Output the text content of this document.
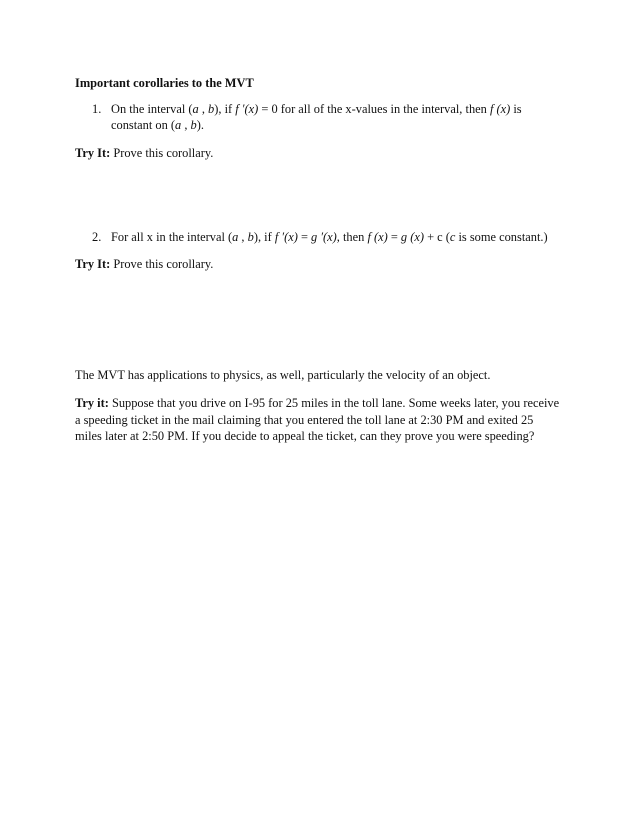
Important corollaries to the MVT
1. On the interval (a , b), if f ′(x) = 0 for all of the x-values in the interval, then f (x) is constant on (a , b).
Try It: Prove this corollary.
2. For all x in the interval (a , b), if f ′(x) = g ′(x), then f (x) = g (x) + c (c is some constant.)
Try It: Prove this corollary.
The MVT has applications to physics, as well, particularly the velocity of an object.
Try it: Suppose that you drive on I-95 for 25 miles in the toll lane. Some weeks later, you receive a speeding ticket in the mail claiming that you entered the toll lane at 2:30 PM and exited 25 miles later at 2:50 PM. If you decide to appeal the ticket, can they prove you were speeding?
